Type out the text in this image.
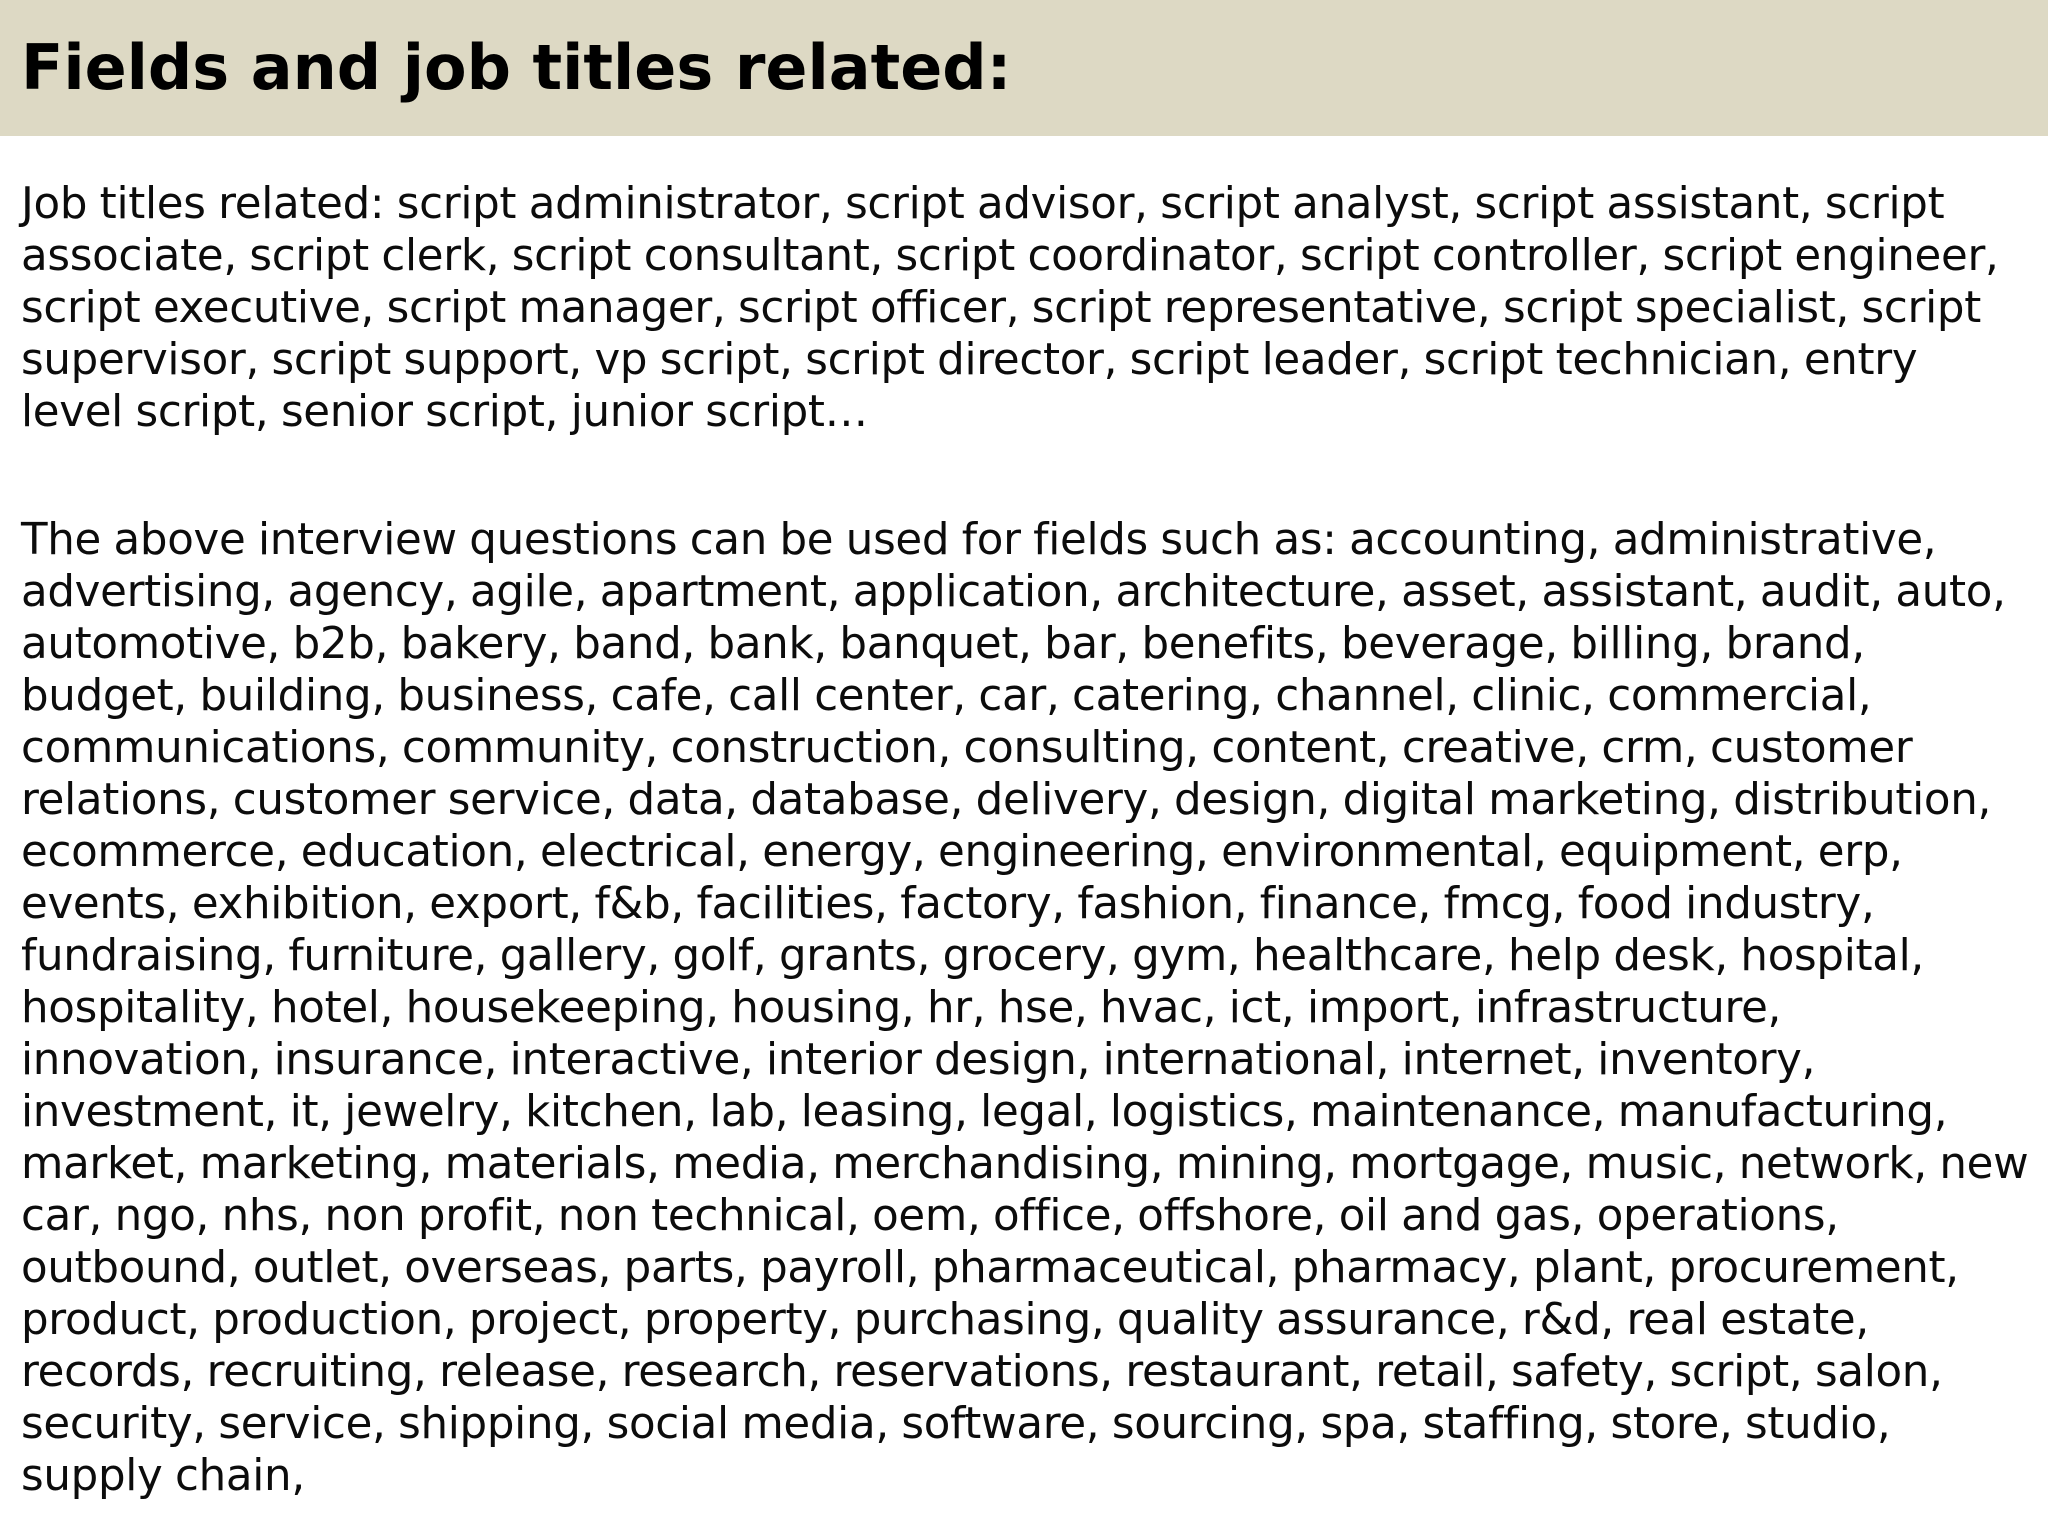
Fields and job titles related:

Job titles related: script administrator, script advisor, script analyst, script assistant, script associate, script clerk, script consultant, script coordinator, script controller, script engineer, script executive, script manager, script officer, script representative, script specialist, script supervisor, script support, vp script, script director, script leader, script technician, entry level script, senior script, junior script…

The above interview questions can be used for fields such as: accounting, administrative, advertising, agency, agile, apartment, application, architecture, asset, assistant, audit, auto, automotive, b2b, bakery, band, bank, banquet, bar, benefits, beverage, billing, brand, budget, building, business, cafe, call center, car, catering, channel, clinic, commercial, communications, community, construction, consulting, content, creative, crm, customer relations, customer service, data, database, delivery, design, digital marketing, distribution, ecommerce, education, electrical, energy, engineering, environmental, equipment, erp, events, exhibition, export, f&b, facilities, factory, fashion, finance, fmcg, food industry, fundraising, furniture, gallery, golf, grants, grocery, gym, healthcare, help desk, hospital, hospitality, hotel, housekeeping, housing, hr, hse, hvac, ict, import, infrastructure, innovation, insurance, interactive, interior design, international, internet, inventory, investment, it, jewelry, kitchen, lab, leasing, legal, logistics, maintenance, manufacturing, market, marketing, materials, media, merchandising, mining, mortgage, music, network, new car, ngo, nhs, non profit, non technical, oem, office, offshore, oil and gas, operations, outbound, outlet, overseas, parts, payroll, pharmaceutical, pharmacy, plant, procurement, product, production, project, property, purchasing, quality assurance, r&d, real estate, records, recruiting, release, research, reservations, restaurant, retail, safety, script, salon, security, service, shipping, social media, software, sourcing, spa, staffing, store, studio, supply chain,
